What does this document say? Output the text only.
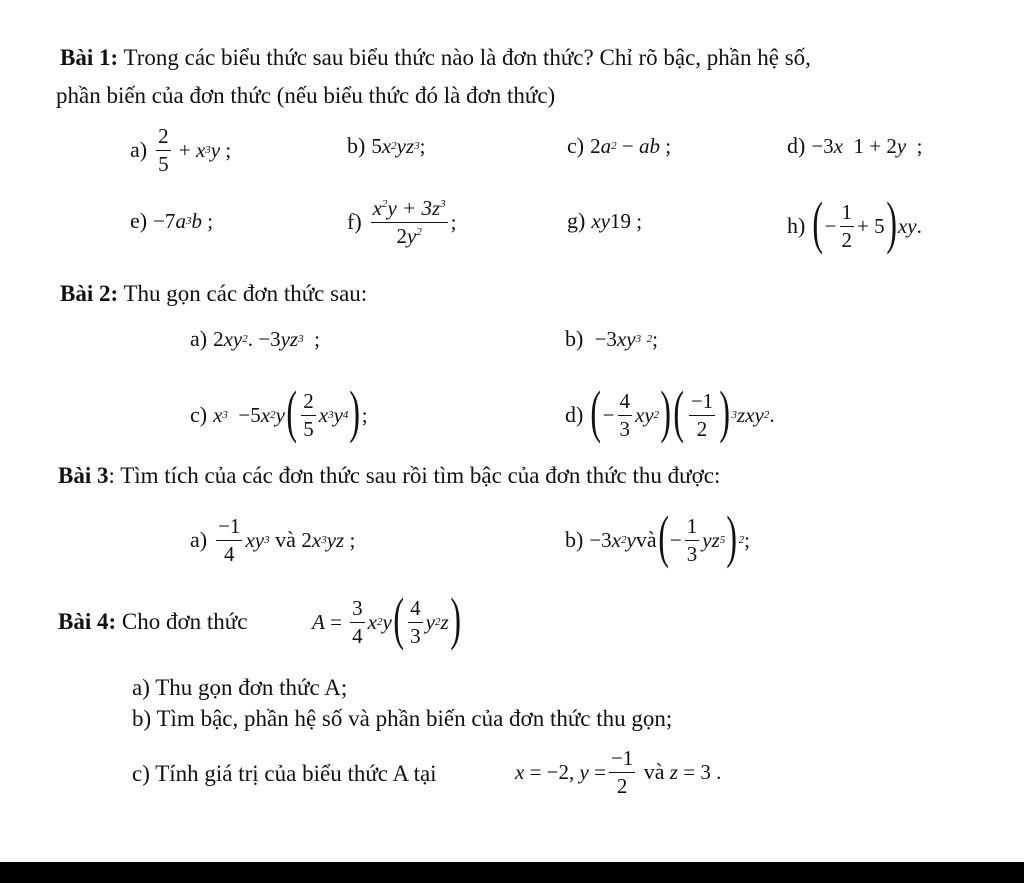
Bài 1: Trong các biểu thức sau biểu thức nào là đơn thức? Chỉ rõ bậc, phần hệ số,
phần biến của đơn thức (nếu biểu thức đó là đơn thức)
$a) \frac{2}{5} + x$ 3 y ;	b) 5 x 2 yz 3 ;	c) 2 a 2 − ab ;	d) −3 x 1 + 2 y ;
e) −7 a 3 b ;	$f) \frac{x^2y + 3z^3}{2y^2}$ ;	g) xy 19 ;	h) ( − $\frac{1}{2} + 5$ ) xy .
Bài 2: Thu gọn các đơn thức sau:
a) 2 xy 2 . −3 yz 3 ;	b) −3 xy 3 2 ;
c) x 3 −5 x 2 y ( $\frac{2}{5}$ x 3 y 4 ) ;	d) ( − $\frac{4}{3}$ xy 2 ) ( $\frac{-1}{2}$ ) 3 zxy 2 .
Bài 3: Tìm tích của các đơn thức sau rồi tìm bậc của đơn thức thu được:
$a) \frac{-1}{4}$ xy 3 và 2 x 3 yz ;	b) −3 x 2 y và ( − $\frac{1}{3}$ yz 5 ) 2 ;
Bài 4: Cho đơn thức	$A = \frac{3}{4}$ x 2 y ( $\frac{4}{3}$ y 2 z )
a) Thu gọn đơn thức A;
b) Tìm bậc, phần hệ số và phần biến của đơn thức thu gọn;
c) Tính giá trị của biểu thức A tại	x = −2, $y = \frac{-1}{2}$
và
z = 3 .
